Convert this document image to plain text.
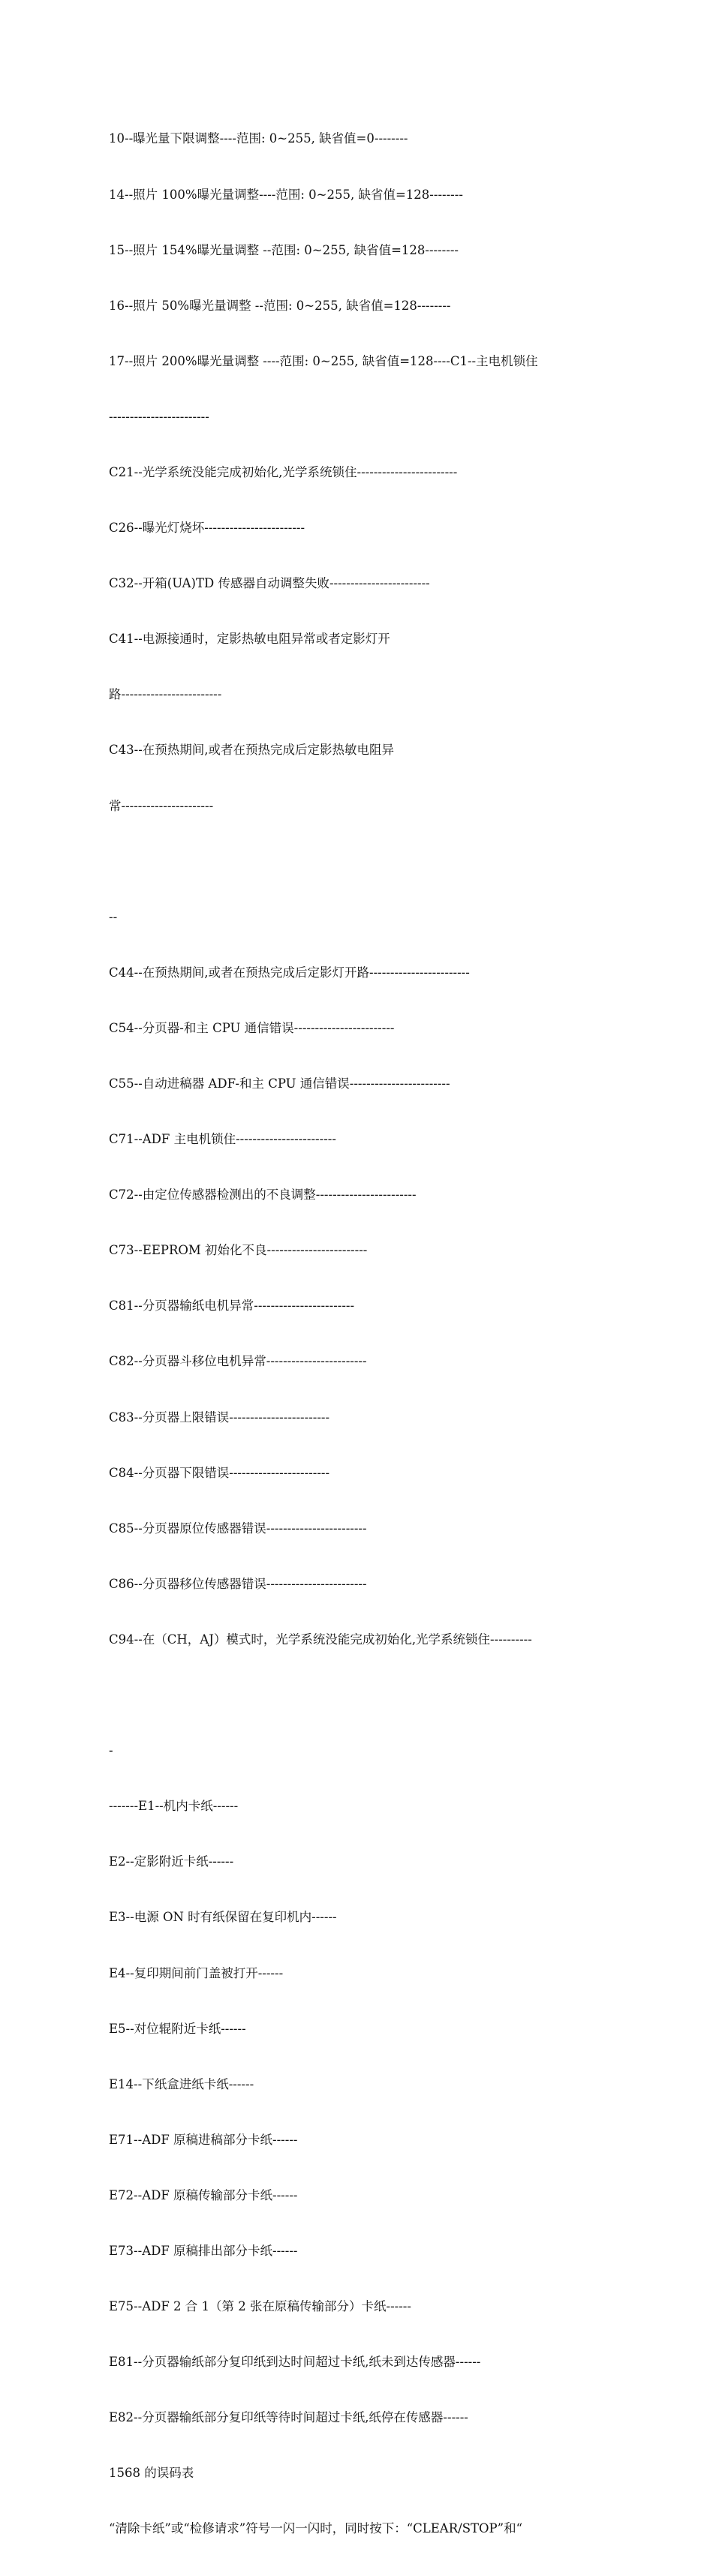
10--曝光量下限调整----范围: 0~255, 缺省值=0--------

14--照片 100%曝光量调整----范围: 0~255, 缺省值=128--------

15--照片 154%曝光量调整 --范围: 0~255, 缺省值=128--------

16--照片 50%曝光量调整 --范围: 0~255, 缺省值=128--------

17--照片 200%曝光量调整 ----范围: 0~255, 缺省值=128----C1--主电机锁住

------------------------

C21--光学系统没能完成初始化,光学系统锁住------------------------

C26--曝光灯烧坏------------------------

C32--开箱(UA)TD 传感器自动调整失败------------------------

C41--电源接通时，定影热敏电阻异常或者定影灯开

路------------------------

C43--在预热期间,或者在预热完成后定影热敏电阻异

常----------------------

--

C44--在预热期间,或者在预热完成后定影灯开路------------------------

C54--分页器-和主 CPU 通信错误------------------------

C55--自动进稿器 ADF-和主 CPU 通信错误------------------------

C71--ADF 主电机锁住------------------------

C72--由定位传感器检测出的不良调整------------------------

C73--EEPROM 初始化不良------------------------

C81--分页器输纸电机异常------------------------

C82--分页器斗移位电机异常------------------------

C83--分页器上限错误------------------------

C84--分页器下限错误------------------------

C85--分页器原位传感器错误------------------------

C86--分页器移位传感器错误------------------------

C94--在（CH，AJ）模式时，光学系统没能完成初始化,光学系统锁住----------

-

-------E1--机内卡纸------

E2--定影附近卡纸------

E3--电源 ON 时有纸保留在复印机内------

E4--复印期间前门盖被打开------

E5--对位辊附近卡纸------

E14--下纸盒进纸卡纸------

E71--ADF 原稿进稿部分卡纸------

E72--ADF 原稿传输部分卡纸------

E73--ADF 原稿排出部分卡纸------

E75--ADF 2 合 1（第 2 张在原稿传输部分）卡纸------

E81--分页器输纸部分复印纸到达时间超过卡纸,纸未到达传感器------

E82--分页器输纸部分复印纸等待时间超过卡纸,纸停在传感器------

1568 的误码表

“清除卡纸”或“检修请求”符号一闪一闪时，同时按下：“CLEAR/STOP”和“
